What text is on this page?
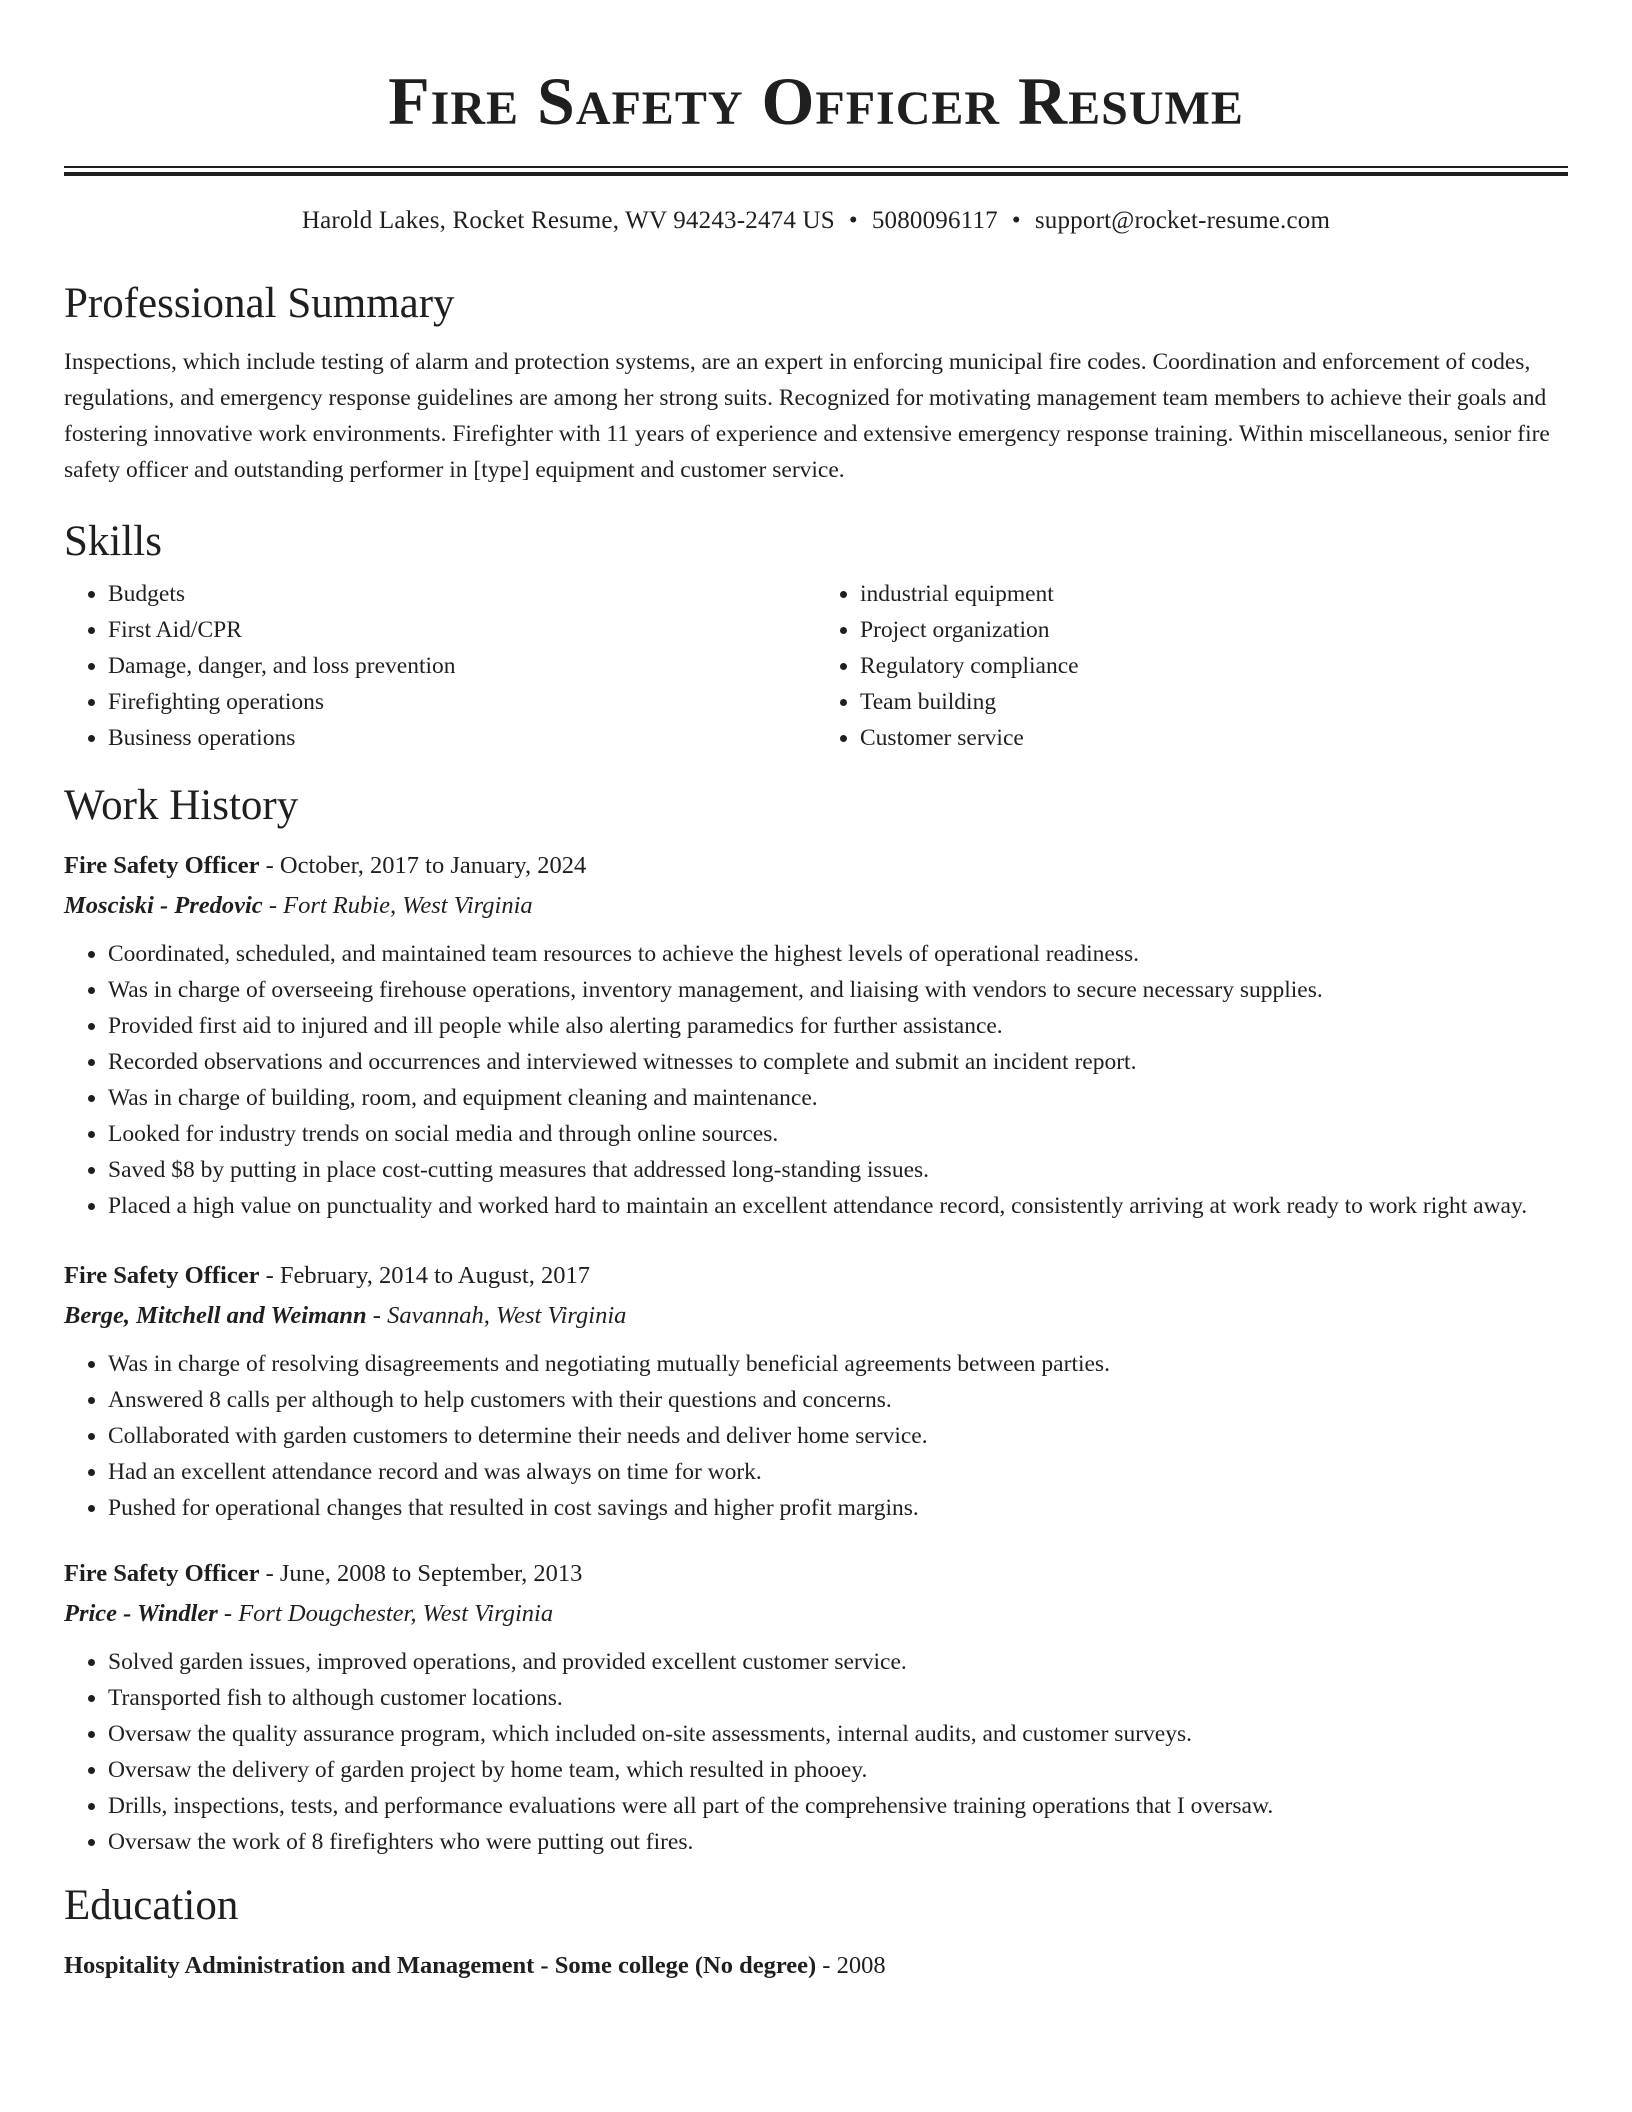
Fire Safety Officer Resume
Harold Lakes, Rocket Resume, WV 94243-2474 US • 5080096117 • support@rocket-resume.com
Professional Summary
Inspections, which include testing of alarm and protection systems, are an expert in enforcing municipal fire codes. Coordination and enforcement of codes, regulations, and emergency response guidelines are among her strong suits. Recognized for motivating management team members to achieve their goals and fostering innovative work environments. Firefighter with 11 years of experience and extensive emergency response training. Within miscellaneous, senior fire safety officer and outstanding performer in [type] equipment and customer service.
Skills
• Budgets
• First Aid/CPR
• Damage, danger, and loss prevention
• Firefighting operations
• Business operations
• industrial equipment
• Project organization
• Regulatory compliance
• Team building
• Customer service
Work History
Fire Safety Officer - October, 2017 to January, 2024
Mosciski - Predovic - Fort Rubie, West Virginia
• Coordinated, scheduled, and maintained team resources to achieve the highest levels of operational readiness.
• Was in charge of overseeing firehouse operations, inventory management, and liaising with vendors to secure necessary supplies.
• Provided first aid to injured and ill people while also alerting paramedics for further assistance.
• Recorded observations and occurrences and interviewed witnesses to complete and submit an incident report.
• Was in charge of building, room, and equipment cleaning and maintenance.
• Looked for industry trends on social media and through online sources.
• Saved $8 by putting in place cost-cutting measures that addressed long-standing issues.
• Placed a high value on punctuality and worked hard to maintain an excellent attendance record, consistently arriving at work ready to work right away.
Fire Safety Officer - February, 2014 to August, 2017
Berge, Mitchell and Weimann - Savannah, West Virginia
• Was in charge of resolving disagreements and negotiating mutually beneficial agreements between parties.
• Answered 8 calls per although to help customers with their questions and concerns.
• Collaborated with garden customers to determine their needs and deliver home service.
• Had an excellent attendance record and was always on time for work.
• Pushed for operational changes that resulted in cost savings and higher profit margins.
Fire Safety Officer - June, 2008 to September, 2013
Price - Windler - Fort Dougchester, West Virginia
• Solved garden issues, improved operations, and provided excellent customer service.
• Transported fish to although customer locations.
• Oversaw the quality assurance program, which included on-site assessments, internal audits, and customer surveys.
• Oversaw the delivery of garden project by home team, which resulted in phooey.
• Drills, inspections, tests, and performance evaluations were all part of the comprehensive training operations that I oversaw.
• Oversaw the work of 8 firefighters who were putting out fires.
Education
Hospitality Administration and Management - Some college (No degree) - 2008
